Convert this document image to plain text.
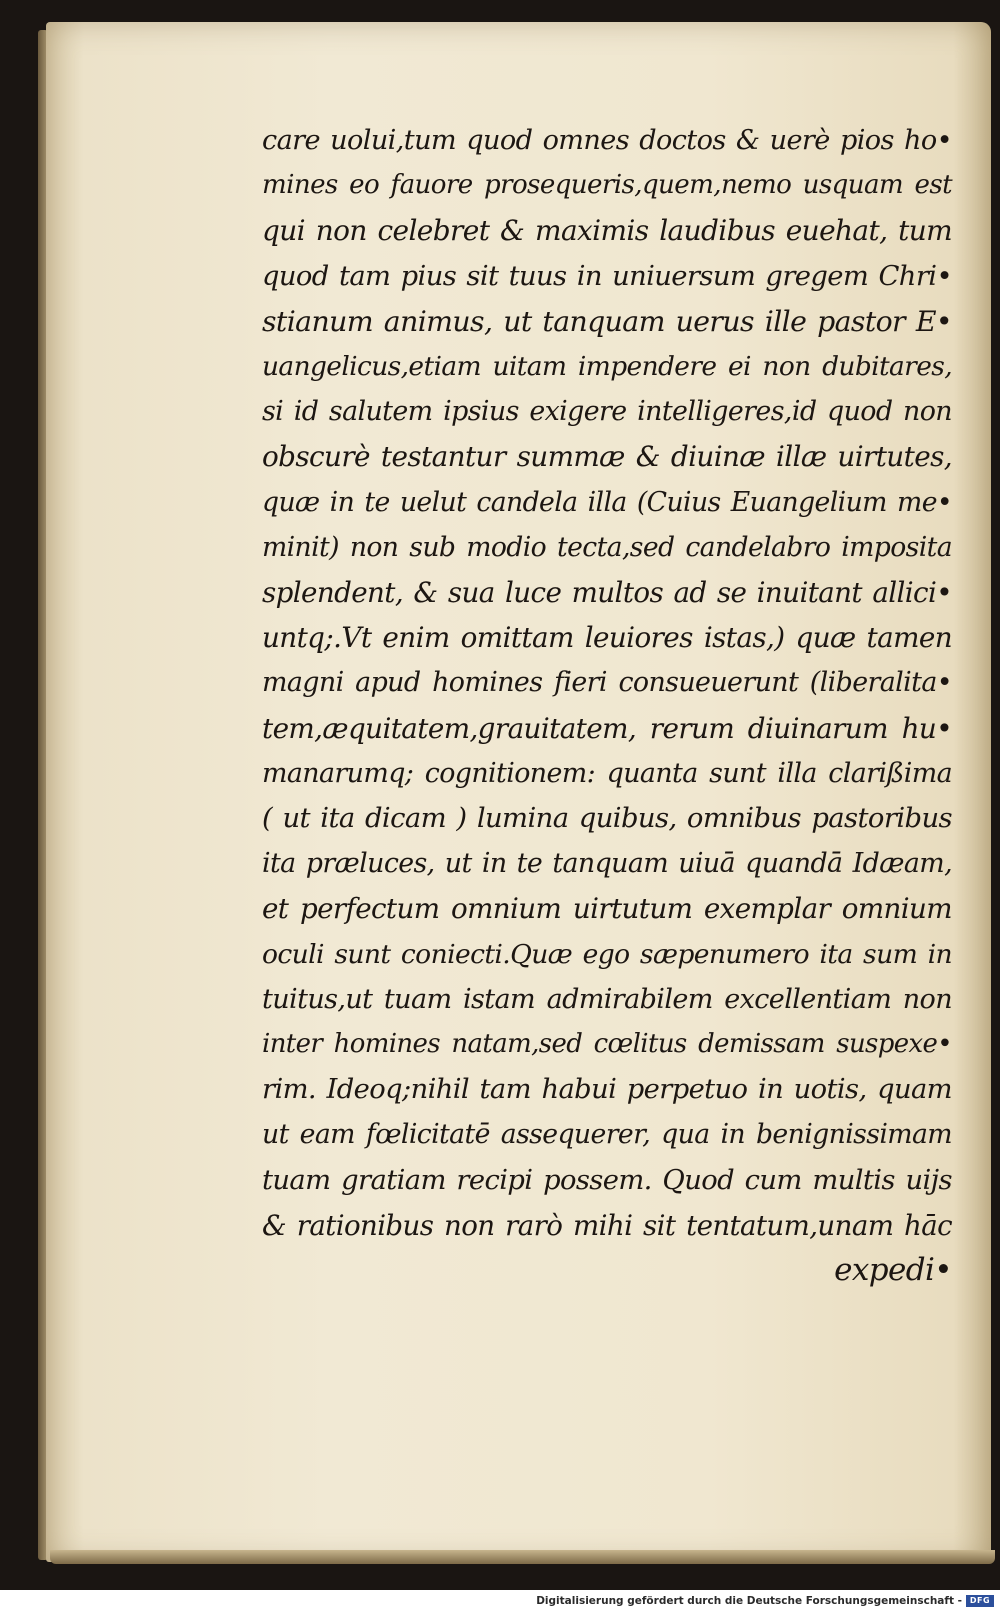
care uolui,tum quod omnes doctos & uerè pios ho•
mines eo fauore prosequeris,quem,nemo usquam est
qui non celebret & maximis laudibus euehat, tum
quod tam pius sit tuus in uniuersum gregem Chri•
stianum animus, ut tanquam uerus ille pastor E•
uangelicus,etiam uitam impendere ei non dubitares,
si id salutem ipsius exigere intelligeres,id quod non
obscurè testantur summæ & diuinæ illæ uirtutes,
quæ in te uelut candela illa (Cuius Euangelium me•
minit) non sub modio tecta,sed candelabro imposita
splendent, & sua luce multos ad se inuitant allici•
untq;.Vt enim omittam leuiores istas,) quæ tamen
magni apud homines fieri consueuerunt (liberalita•
tem,æquitatem,grauitatem, rerum diuinarum hu•
manarumq; cognitionem: quanta sunt illa clarißima
( ut ita dicam ) lumina quibus, omnibus pastoribus
ita præluces, ut in te tanquam uiuā quandā Idæam,
et perfectum omnium uirtutum exemplar omnium
oculi sunt coniecti.Quæ ego sæpenumero ita sum in
tuitus,ut tuam istam admirabilem excellentiam non
inter homines natam,sed cœlitus demissam suspexe•
rim. Ideoq;nihil tam habui perpetuo in uotis, quam
ut eam fœlicitatē assequerer, qua in benignissimam
tuam gratiam recipi possem. Quod cum multis uijs
& rationibus non rarò mihi sit tentatum,unam hāc
expedi•
Digitalisierung gefördert durch die Deutsche Forschungsgemeinschaft - DFG
